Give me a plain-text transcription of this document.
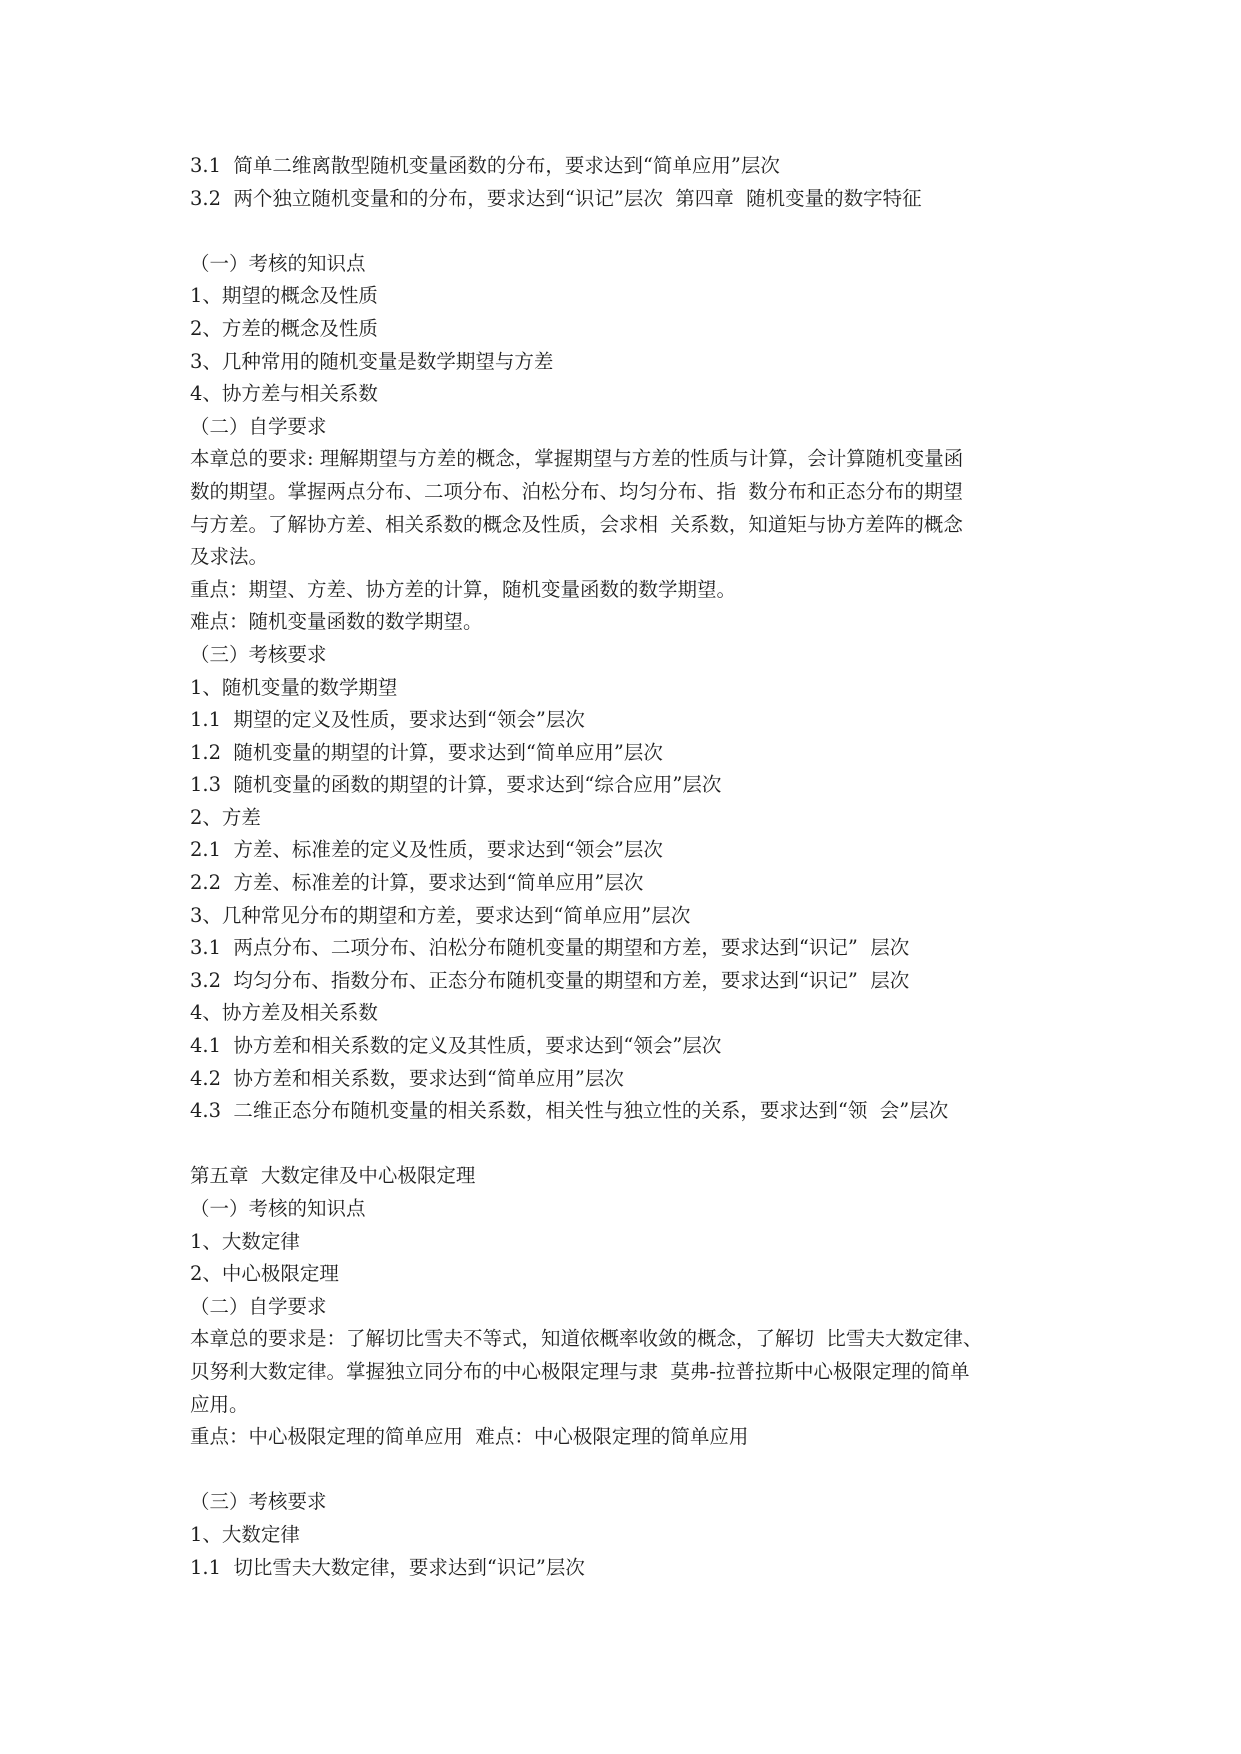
3.1  简单二维离散型随机变量函数的分布，要求达到“简单应用”层次
3.2  两个独立随机变量和的分布，要求达到“识记”层次  第四章  随机变量的数字特征
（一）考核的知识点
1、期望的概念及性质
2、方差的概念及性质
3、几种常用的随机变量是数学期望与方差
4、协方差与相关系数
（二）自学要求
本章总的要求: 理解期望与方差的概念，掌握期望与方差的性质与计算，会计算随机变量函
数的期望。掌握两点分布、二项分布、泊松分布、均匀分布、指  数分布和正态分布的期望
与方差。了解协方差、相关系数的概念及性质，会求相  关系数，知道矩与协方差阵的概念
及求法。
重点：期望、方差、协方差的计算，随机变量函数的数学期望。
难点：随机变量函数的数学期望。
（三）考核要求
1、随机变量的数学期望
1.1  期望的定义及性质，要求达到“领会”层次
1.2  随机变量的期望的计算，要求达到“简单应用”层次
1.3  随机变量的函数的期望的计算，要求达到“综合应用”层次
2、方差
2.1  方差、标准差的定义及性质，要求达到“领会”层次
2.2  方差、标准差的计算，要求达到“简单应用”层次
3、几种常见分布的期望和方差，要求达到“简单应用”层次
3.1  两点分布、二项分布、泊松分布随机变量的期望和方差，要求达到“识记”  层次
3.2  均匀分布、指数分布、正态分布随机变量的期望和方差，要求达到“识记”  层次
4、协方差及相关系数
4.1  协方差和相关系数的定义及其性质，要求达到“领会”层次
4.2  协方差和相关系数，要求达到“简单应用”层次
4.3  二维正态分布随机变量的相关系数，相关性与独立性的关系，要求达到“领  会”层次
第五章  大数定律及中心极限定理
（一）考核的知识点
1、大数定律
2、中心极限定理
（二）自学要求
本章总的要求是：了解切比雪夫不等式，知道依概率收敛的概念，了解切  比雪夫大数定律、
贝努利大数定律。掌握独立同分布的中心极限定理与隶  莫弗-拉普拉斯中心极限定理的简单
应用。
重点：中心极限定理的简单应用  难点：中心极限定理的简单应用
（三）考核要求
1、大数定律
1.1  切比雪夫大数定律，要求达到“识记”层次
